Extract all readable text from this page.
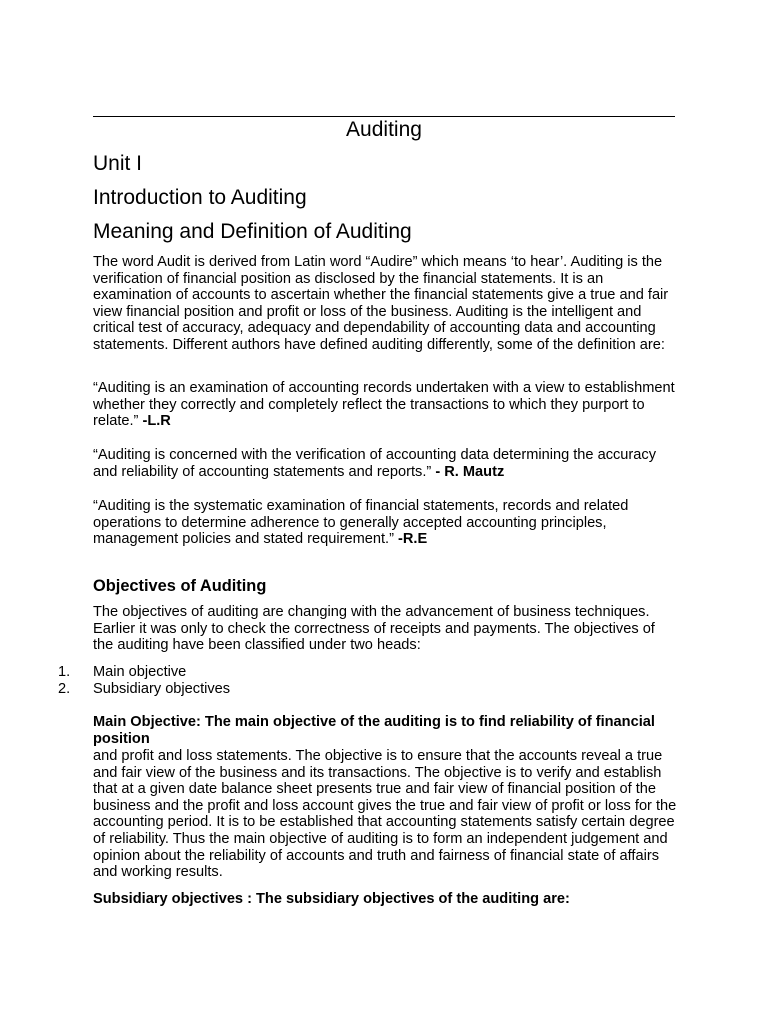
Auditing
Unit I
Introduction to Auditing
Meaning and Definition of Auditing

The word Audit is derived from Latin word “Audire” which means ‘to hear’. Auditing is the verification of financial position as disclosed by the financial statements. It is an examination of accounts to ascertain whether the financial statements give a true and fair view financial position and profit or loss of the business. Auditing is the intelligent and critical test of accuracy, adequacy and dependability of accounting data and accounting statements. Different authors have defined auditing differently, some of the definition are:

“Auditing is an examination of accounting records undertaken with a view to establishment whether they correctly and completely reflect the transactions to which they purport to relate.” -L.R

“Auditing is concerned with the verification of accounting data determining the accuracy and reliability of accounting statements and reports.” - R. Mautz

“Auditing is the systematic examination of financial statements, records and related operations to determine adherence to generally accepted accounting principles, management policies and stated requirement.” -R.E

Objectives of Auditing

The objectives of auditing are changing with the advancement of business techniques. Earlier it was only to check the correctness of receipts and payments. The objectives of the auditing have been classified under two heads:

1.	Main objective
2.	Subsidiary objectives
Main Objective: The main objective of the auditing is to find reliability of financial position

and profit and loss statements. The objective is to ensure that the accounts reveal a true and fair view of the business and its transactions. The objective is to verify and establish that at a given date balance sheet presents true and fair view of financial position of the business and the profit and loss account gives the true and fair view of profit or loss for the accounting period. It is to be established that accounting statements satisfy certain degree of reliability. Thus the main objective of auditing is to form an independent judgement and opinion about the reliability of accounts and truth and fairness of financial state of affairs and working results.

Subsidiary objectives : The subsidiary objectives of the auditing are:
